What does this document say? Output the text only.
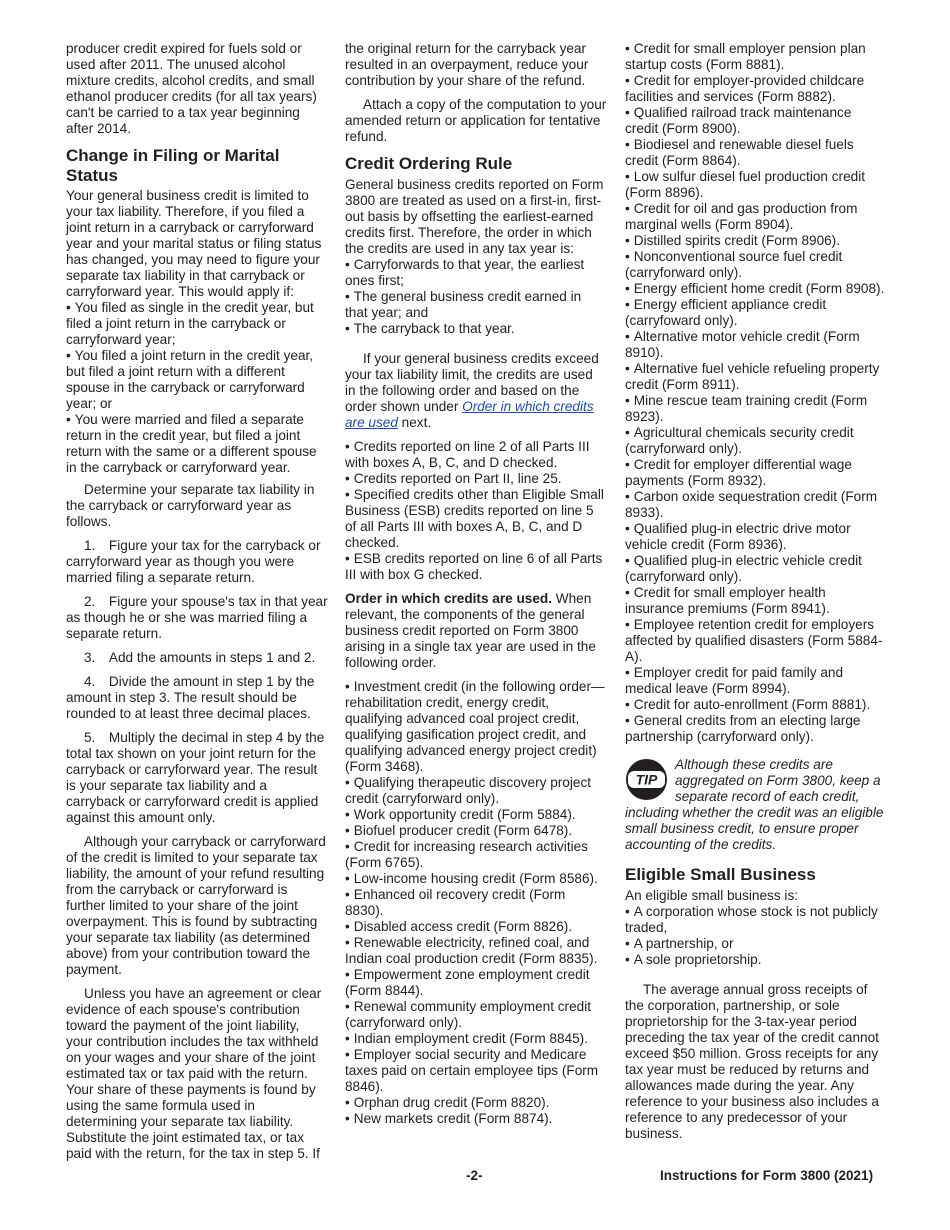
producer credit expired for fuels sold or used after 2011. The unused alcohol mixture credits, alcohol credits, and small ethanol producer credits (for all tax years) can't be carried to a tax year beginning after 2014.

Change in Filing or Marital Status

Your general business credit is limited to your tax liability. Therefore, if you filed a joint return in a carryback or carryforward year and your marital status or filing status has changed, you may need to figure your separate tax liability in that carryback or carryforward year. This would apply if:

• You filed as single in the credit year, but filed a joint return in the carryback or carryforward year;
• You filed a joint return in the credit year, but filed a joint return with a different spouse in the carryback or carryforward year; or
• You were married and filed a separate return in the credit year, but filed a joint return with the same or a different spouse in the carryback or carryforward year.

Determine your separate tax liability in the carryback or carryforward year as follows.

1. Figure your tax for the carryback or carryforward year as though you were married filing a separate return.

2. Figure your spouse's tax in that year as though he or she was married filing a separate return.

3. Add the amounts in steps 1 and 2.

4. Divide the amount in step 1 by the amount in step 3. The result should be rounded to at least three decimal places.

5. Multiply the decimal in step 4 by the total tax shown on your joint return for the carryback or carryforward year. The result is your separate tax liability and a carryback or carryforward credit is applied against this amount only.

Although your carryback or carryforward of the credit is limited to your separate tax liability, the amount of your refund resulting from the carryback or carryforward is further limited to your share of the joint overpayment. This is found by subtracting your separate tax liability (as determined above) from your contribution toward the payment.

Unless you have an agreement or clear evidence of each spouse's contribution toward the payment of the joint liability, your contribution includes the tax withheld on your wages and your share of the joint estimated tax or tax paid with the return. Your share of these payments is found by using the same formula used in determining your separate tax liability. Substitute the joint estimated tax, or tax paid with the return, for the tax in step 5. If

the original return for the carryback year resulted in an overpayment, reduce your contribution by your share of the refund.

Attach a copy of the computation to your amended return or application for tentative refund.

Credit Ordering Rule

General business credits reported on Form 3800 are treated as used on a first-in, first-out basis by offsetting the earliest-earned credits first. Therefore, the order in which the credits are used in any tax year is:

• Carryforwards to that year, the earliest ones first;
• The general business credit earned in that year; and
• The carryback to that year.

If your general business credits exceed your tax liability limit, the credits are used in the following order and based on the order shown under Order in which credits are used next.

• Credits reported on line 2 of all Parts III with boxes A, B, C, and D checked.
• Credits reported on Part II, line 25.
• Specified credits other than Eligible Small Business (ESB) credits reported on line 5 of all Parts III with boxes A, B, C, and D checked.
• ESB credits reported on line 6 of all Parts III with box G checked.

Order in which credits are used. When relevant, the components of the general business credit reported on Form 3800 arising in a single tax year are used in the following order.

• Investment credit (in the following order—rehabilitation credit, energy credit, qualifying advanced coal project credit, qualifying gasification project credit, and qualifying advanced energy project credit) (Form 3468).
• Qualifying therapeutic discovery project credit (carryforward only).
• Work opportunity credit (Form 5884).
• Biofuel producer credit (Form 6478).
• Credit for increasing research activities (Form 6765).
• Low-income housing credit (Form 8586).
• Enhanced oil recovery credit (Form 8830).
• Disabled access credit (Form 8826).
• Renewable electricity, refined coal, and Indian coal production credit (Form 8835).
• Empowerment zone employment credit (Form 8844).
• Renewal community employment credit (carryforward only).
• Indian employment credit (Form 8845).
• Employer social security and Medicare taxes paid on certain employee tips (Form 8846).
• Orphan drug credit (Form 8820).
• New markets credit (Form 8874).
• Credit for small employer pension plan startup costs (Form 8881).
• Credit for employer-provided childcare facilities and services (Form 8882).
• Qualified railroad track maintenance credit (Form 8900).
• Biodiesel and renewable diesel fuels credit (Form 8864).
• Low sulfur diesel fuel production credit (Form 8896).
• Credit for oil and gas production from marginal wells (Form 8904).
• Distilled spirits credit (Form 8906).
• Nonconventional source fuel credit (carryforward only).
• Energy efficient home credit (Form 8908).
• Energy efficient appliance credit (carryfoward only).
• Alternative motor vehicle credit (Form 8910).
• Alternative fuel vehicle refueling property credit (Form 8911).
• Mine rescue team training credit (Form 8923).
• Agricultural chemicals security credit (carryforward only).
• Credit for employer differential wage payments (Form 8932).
• Carbon oxide sequestration credit (Form 8933).
• Qualified plug-in electric drive motor vehicle credit (Form 8936).
• Qualified plug-in electric vehicle credit (carryforward only).
• Credit for small employer health insurance premiums (Form 8941).
• Employee retention credit for employers affected by qualified disasters (Form 5884-A).
• Employer credit for paid family and medical leave (Form 8994).
• Credit for auto-enrollment (Form 8881).
• General credits from an electing large partnership (carryforward only).
TIP
Although these credits are aggregated on Form 3800, keep a separate record of each credit, including whether the credit was an eligible small business credit, to ensure proper accounting of the credits.
Eligible Small Business

An eligible small business is:

• A corporation whose stock is not publicly traded,
• A partnership, or
• A sole proprietorship.

The average annual gross receipts of the corporation, partnership, or sole proprietorship for the 3-tax-year period preceding the tax year of the credit cannot exceed $50 million. Gross receipts for any tax year must be reduced by returns and allowances made during the year. Any reference to your business also includes a reference to any predecessor of your business.

-2-	Instructions for Form 3800 (2021)
